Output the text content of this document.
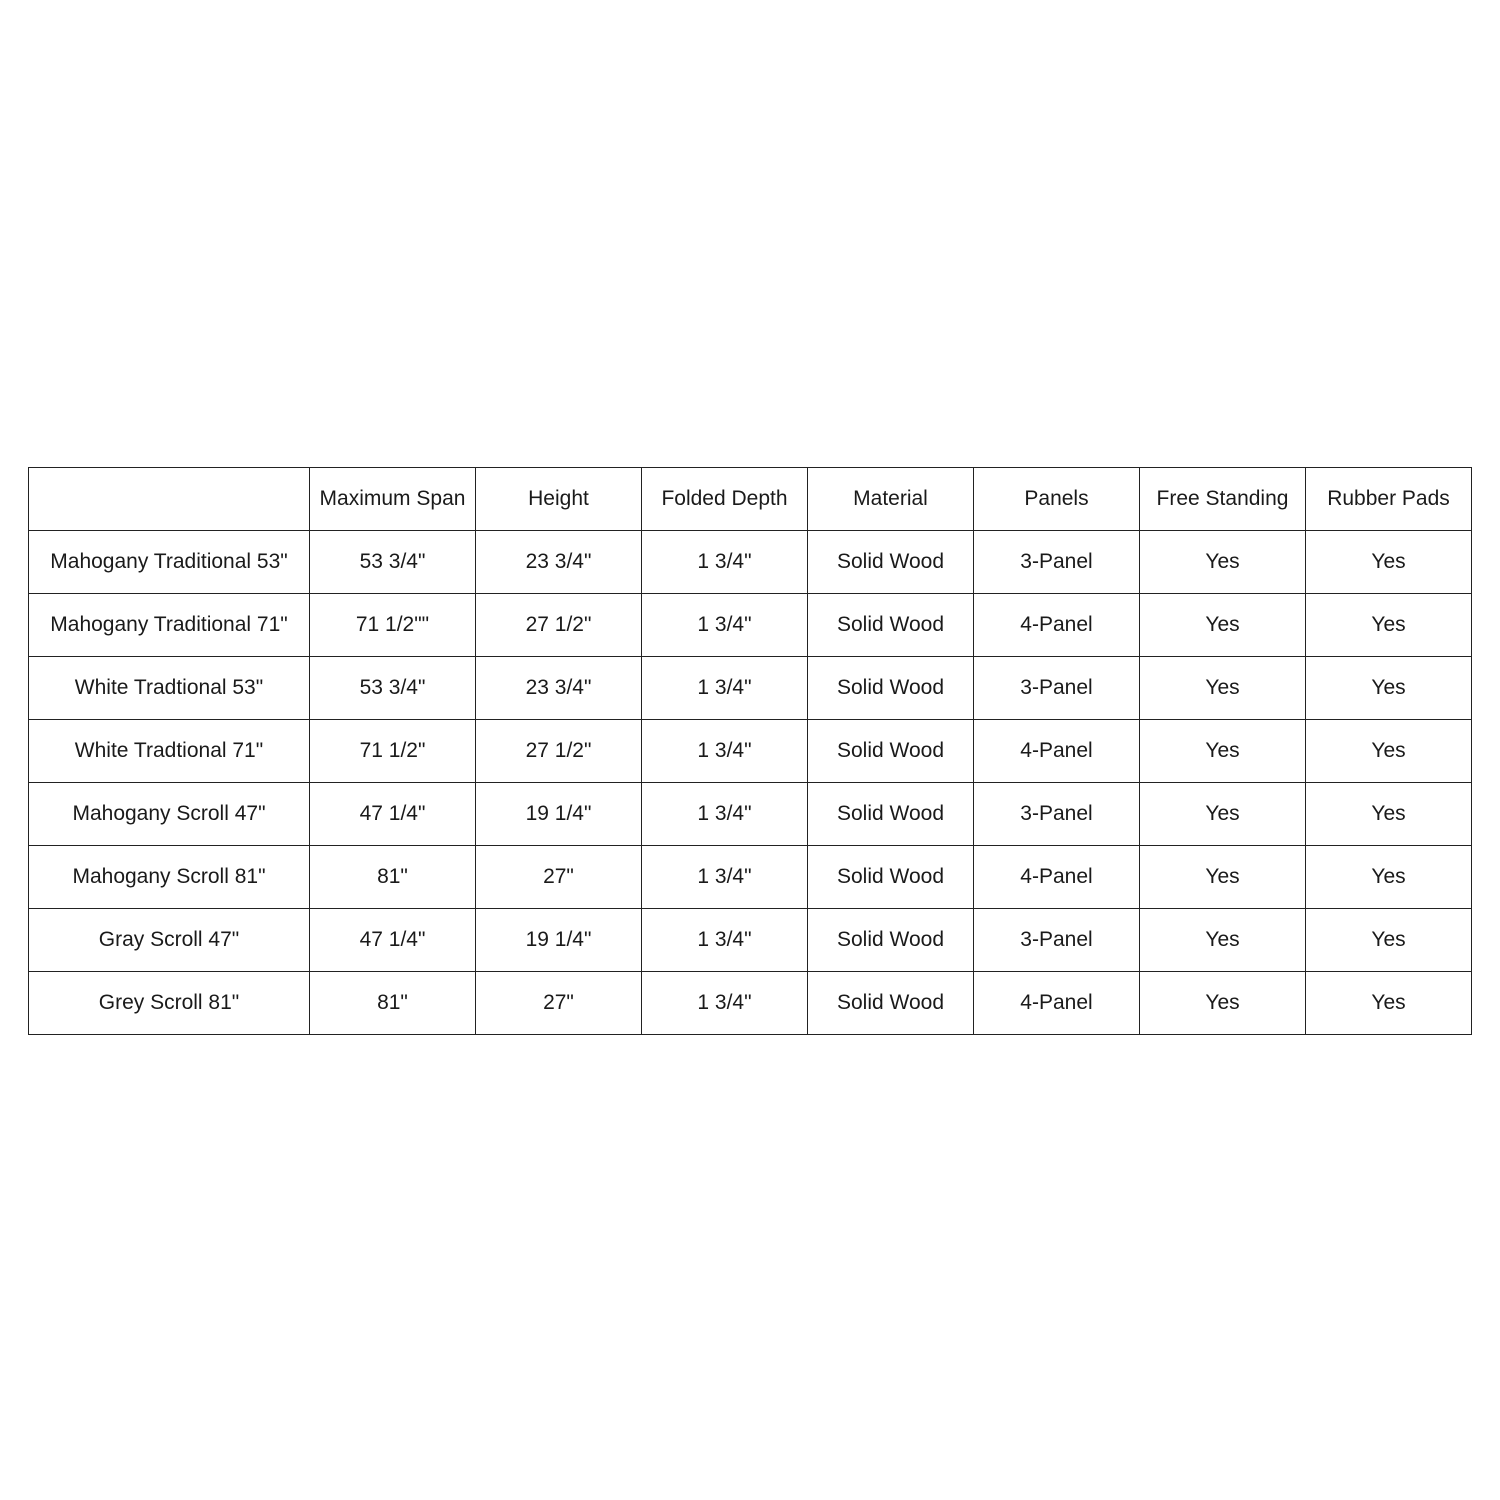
	Maximum Span	Height	Folded Depth	Material	Panels	Free Standing	Rubber Pads
Mahogany Traditional 53"	53 3/4"	23 3/4"	1 3/4"	Solid Wood	3-Panel	Yes	Yes
Mahogany Traditional 71"	71 1/2""	27 1/2"	1 3/4"	Solid Wood	4-Panel	Yes	Yes
White Tradtional 53"	53 3/4"	23 3/4"	1 3/4"	Solid Wood	3-Panel	Yes	Yes
White Tradtional 71"	71 1/2"	27 1/2"	1 3/4"	Solid Wood	4-Panel	Yes	Yes
Mahogany Scroll 47"	47 1/4"	19 1/4"	1 3/4"	Solid Wood	3-Panel	Yes	Yes
Mahogany Scroll 81"	81"	27"	1 3/4"	Solid Wood	4-Panel	Yes	Yes
Gray Scroll 47"	47 1/4"	19 1/4"	1 3/4"	Solid Wood	3-Panel	Yes	Yes
Grey Scroll 81"	81"	27"	1 3/4"	Solid Wood	4-Panel	Yes	Yes
